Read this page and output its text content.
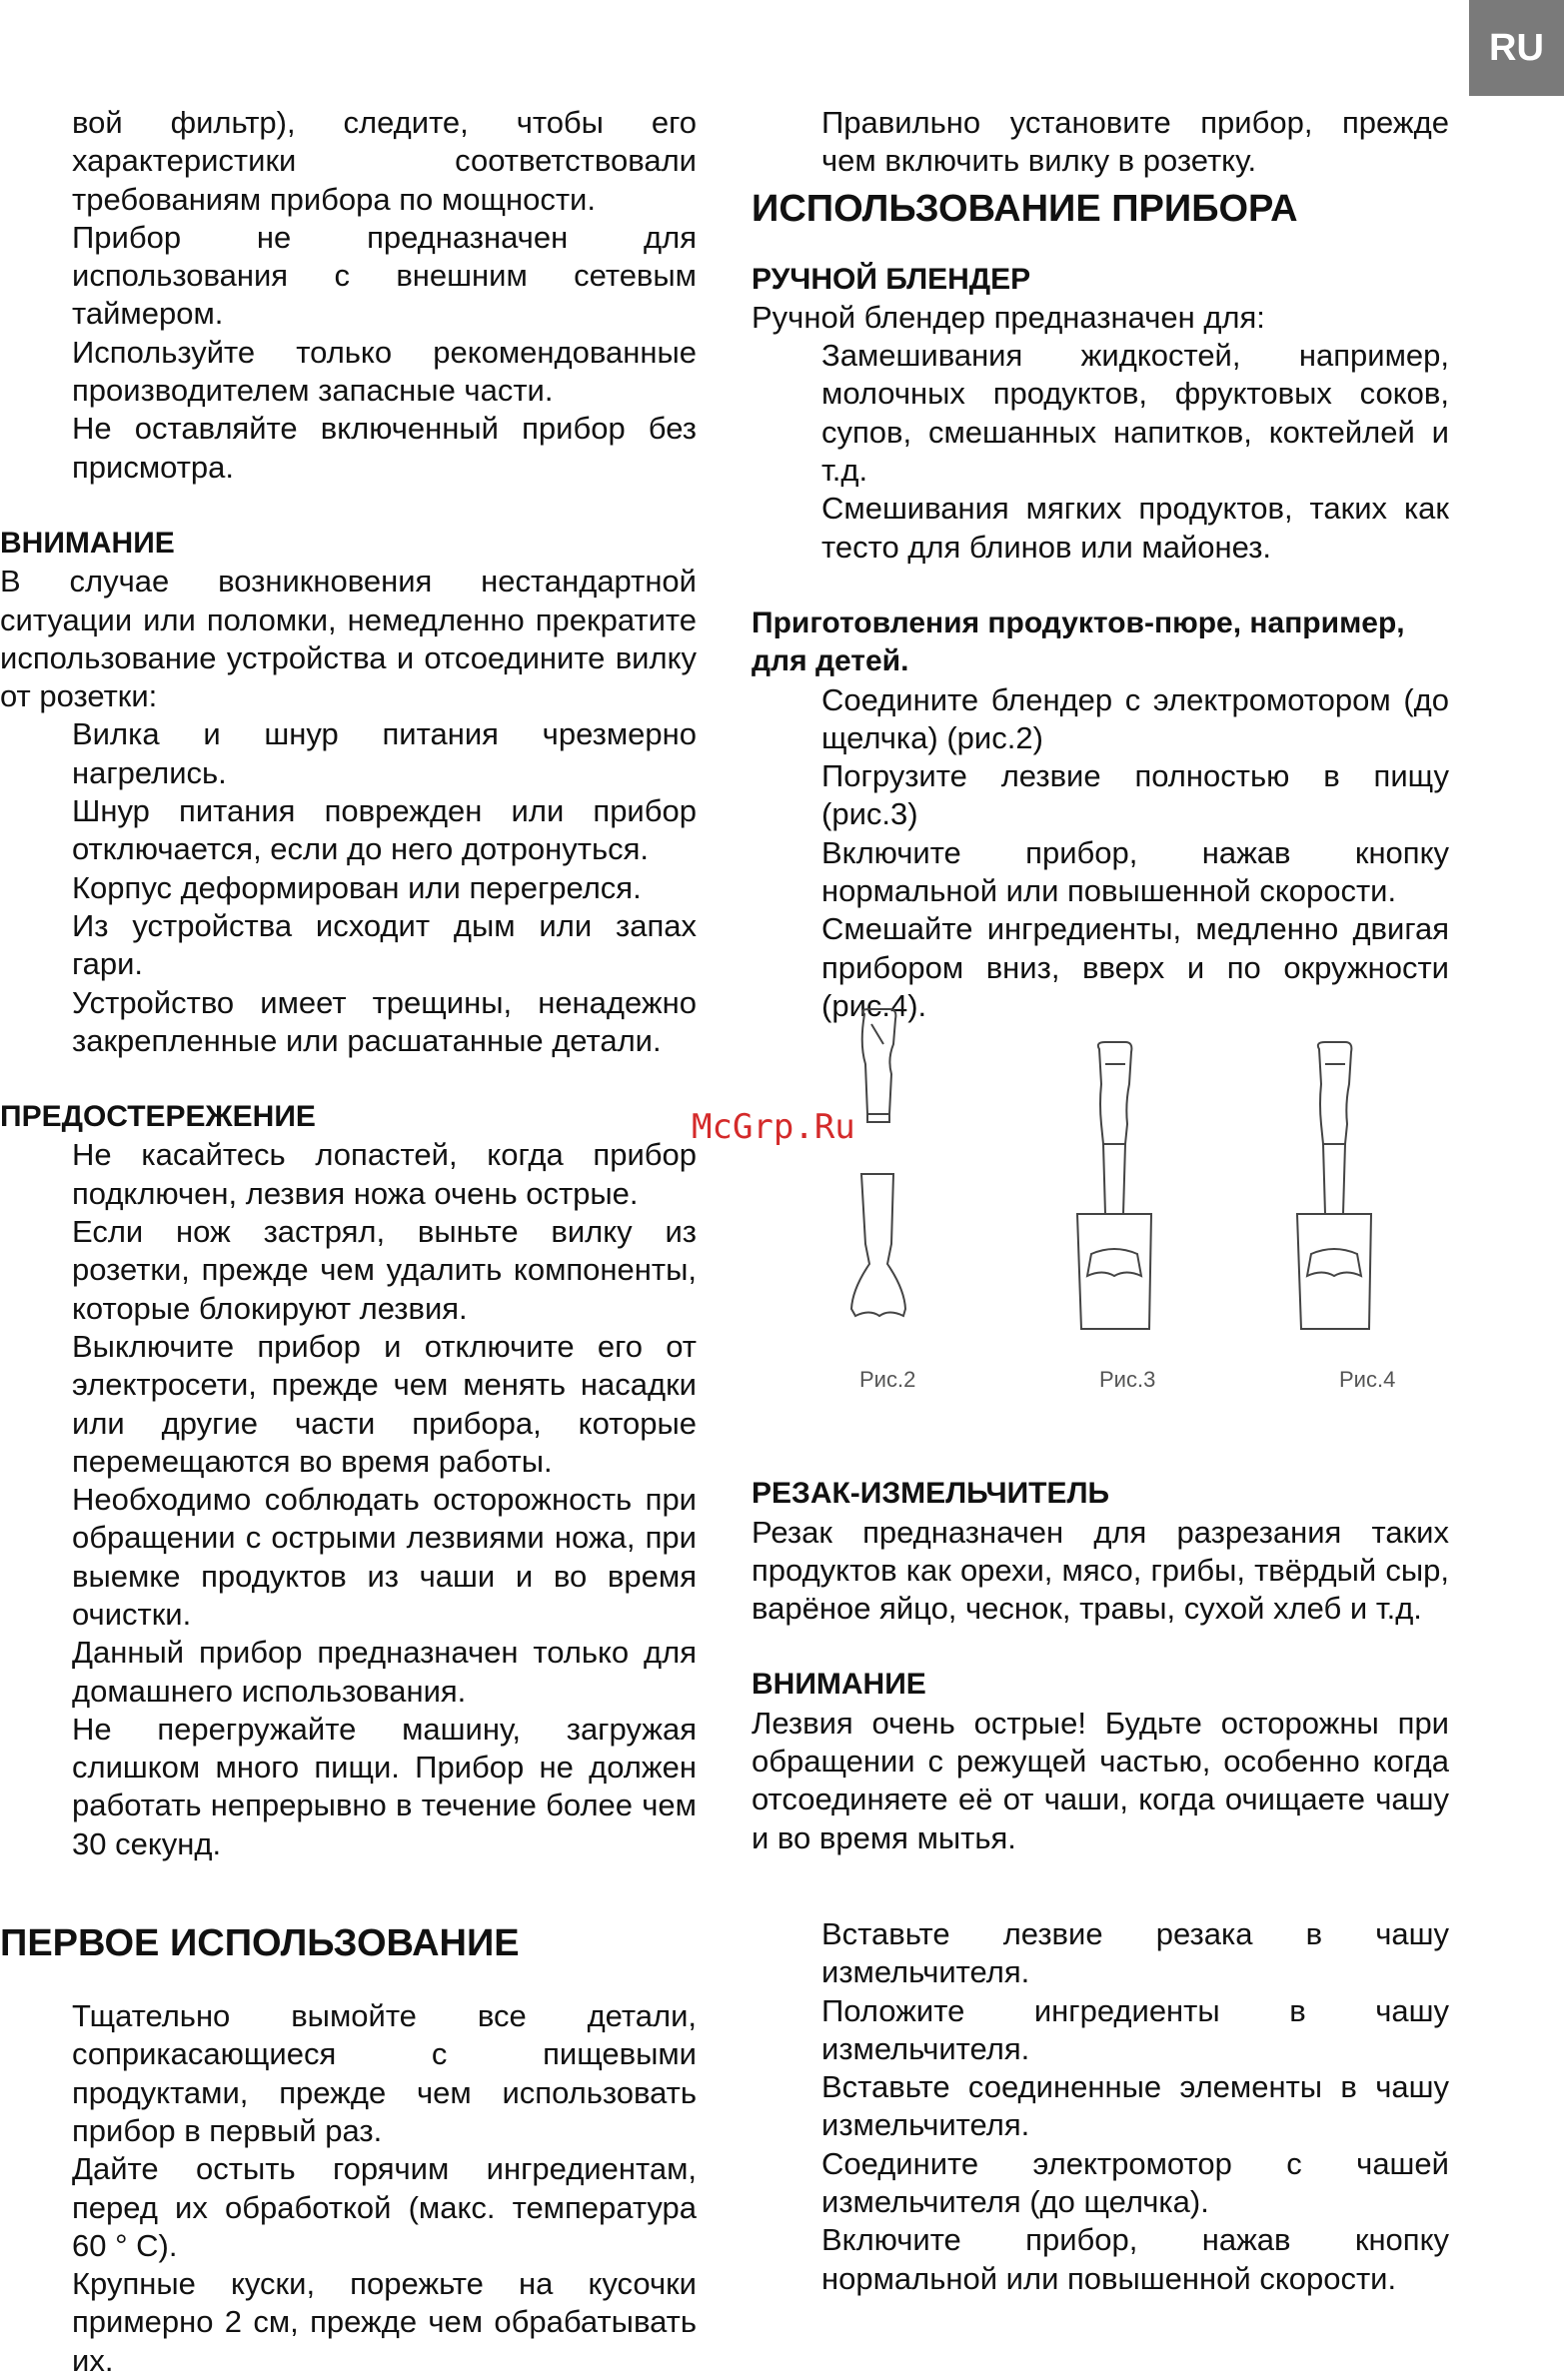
RU

вой фильтр), следите, чтобы его характеристики соответствовали требованиям прибора по мощности.

Прибор не предназначен для использования с внешним сетевым таймером.

Используйте только рекомендованные производителем запасные части.

Не оставляйте включенный прибор без присмотра.

ВНИМАНИЕ

В случае возникновения нестандартной ситуации или поломки, немедленно прекратите использование устройства и отсоедините вилку от розетки:

Вилка и шнур питания чрезмерно нагрелись.

Шнур питания поврежден или прибор отключается, если до него дотронуться.

Корпус деформирован или перегрелся.

Из устройства исходит дым или запах гари.

Устройство имеет трещины, ненадежно закрепленные или расшатанные детали.

ПРЕДОСТЕРЕЖЕНИЕ

Не касайтесь лопастей, когда прибор подключен, лезвия ножа очень острые.

Если нож застрял, выньте вилку из розетки, прежде чем удалить компоненты, которые блокируют лезвия.

Выключите прибор и отключите его от электросети, прежде чем менять насадки или другие части прибора, которые перемещаются во время работы.

Необходимо соблюдать осторожность при обращении с острыми лезвиями ножа, при выемке продуктов из чаши и во время очистки.

Данный прибор предназначен только для домашнего использования.

Не перегружайте машину, загружая слишком много пищи. Прибор не должен работать непрерывно в течение более чем 30 секунд.

ПЕРВОЕ ИСПОЛЬЗОВАНИЕ

Тщательно вымойте все детали, соприкасающиеся с пищевыми продуктами, прежде чем использовать прибор в первый раз.

Дайте остыть горячим ингредиентам, перед их обработкой (макс. температура 60 ° С).

Крупные куски, порежьте на кусочки примерно 2 см, прежде чем обрабатывать их.

Правильно установите прибор, прежде чем включить вилку в розетку.

ИСПОЛЬЗОВАНИЕ ПРИБОРА

РУЧНОЙ БЛЕНДЕР

Ручной блендер предназначен для:

Замешивания жидкостей, например, молочных продуктов, фруктовых соков, супов, смешанных напитков, коктейлей и т.д.

Смешивания мягких продуктов, таких как тесто для блинов или майонез.

Приготовления продуктов-пюре, например, для детей.

Соедините блендер с электромотором (до щелчка) (рис.2)

Погрузите лезвие полностью в пищу (рис.3)

Включите прибор, нажав кнопку нормальной или повышенной скорости.

Смешайте ингредиенты, медленно двигая прибором вниз, вверх и по окружности (рис.4).

РЕЗАК-ИЗМЕЛЬЧИТЕЛЬ

Резак предназначен для разрезания таких продуктов как орехи, мясо, грибы, твёрдый сыр, варёное яйцо, чеснок, травы, сухой хлеб и т.д.

ВНИМАНИЕ

Лезвия очень острые! Будьте осторожны при обращении с режущей частью, особенно когда отсоединяете её от чаши, когда очищаете чашу и во время мытья.

Вставьте лезвие резака в чашу измельчителя.

Положите ингредиенты в чашу измельчителя.

Вставьте соединенные элементы в чашу измельчителя.

Соедините электромотор с чашей измельчителя (до щелчка).

Включите прибор, нажав кнопку нормальной или повышенной скорости.

Рис.2	Рис.3	Рис.4
McGrp.Ru
